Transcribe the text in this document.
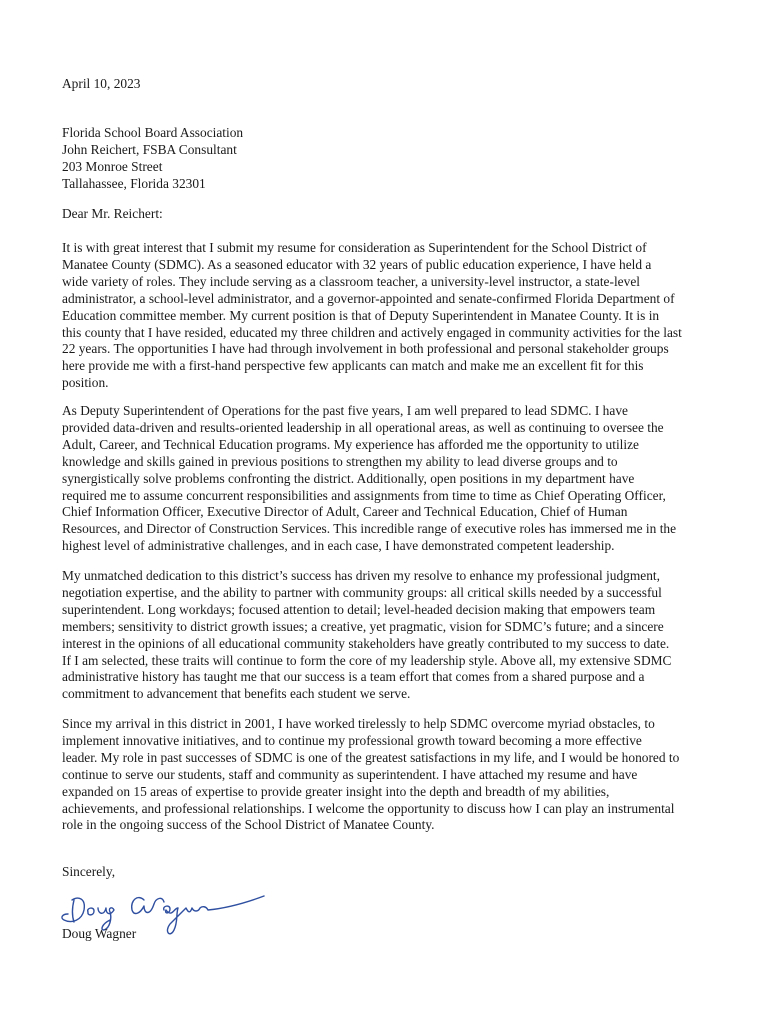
April 10, 2023
Florida School Board Association
John Reichert, FSBA Consultant
203 Monroe Street
Tallahassee, Florida 32301
Dear Mr. Reichert:
It is with great interest that I submit my resume for consideration as Superintendent for the School District of
Manatee County (SDMC). As a seasoned educator with 32 years of public education experience, I have held a
wide variety of roles. They include serving as a classroom teacher, a university-level instructor, a state-level
administrator, a school-level administrator, and a governor-appointed and senate-confirmed Florida Department of
Education committee member. My current position is that of Deputy Superintendent in Manatee County. It is in
this county that I have resided, educated my three children and actively engaged in community activities for the last
22 years. The opportunities I have had through involvement in both professional and personal stakeholder groups
here provide me with a first-hand perspective few applicants can match and make me an excellent fit for this
position.
As Deputy Superintendent of Operations for the past five years, I am well prepared to lead SDMC. I have
provided data-driven and results-oriented leadership in all operational areas, as well as continuing to oversee the
Adult, Career, and Technical Education programs. My experience has afforded me the opportunity to utilize
knowledge and skills gained in previous positions to strengthen my ability to lead diverse groups and to
synergistically solve problems confronting the district. Additionally, open positions in my department have
required me to assume concurrent responsibilities and assignments from time to time as Chief Operating Officer,
Chief Information Officer, Executive Director of Adult, Career and Technical Education, Chief of Human
Resources, and Director of Construction Services. This incredible range of executive roles has immersed me in the
highest level of administrative challenges, and in each case, I have demonstrated competent leadership.
My unmatched dedication to this district’s success has driven my resolve to enhance my professional judgment,
negotiation expertise, and the ability to partner with community groups: all critical skills needed by a successful
superintendent. Long workdays; focused attention to detail; level-headed decision making that empowers team
members; sensitivity to district growth issues; a creative, yet pragmatic, vision for SDMC’s future; and a sincere
interest in the opinions of all educational community stakeholders have greatly contributed to my success to date.
If I am selected, these traits will continue to form the core of my leadership style. Above all, my extensive SDMC
administrative history has taught me that our success is a team effort that comes from a shared purpose and a
commitment to advancement that benefits each student we serve.
Since my arrival in this district in 2001, I have worked tirelessly to help SDMC overcome myriad obstacles, to
implement innovative initiatives, and to continue my professional growth toward becoming a more effective
leader. My role in past successes of SDMC is one of the greatest satisfactions in my life, and I would be honored to
continue to serve our students, staff and community as superintendent. I have attached my resume and have
expanded on 15 areas of expertise to provide greater insight into the depth and breadth of my abilities,
achievements, and professional relationships. I welcome the opportunity to discuss how I can play an instrumental
role in the ongoing success of the School District of Manatee County.
Sincerely,
Doug Wagner
